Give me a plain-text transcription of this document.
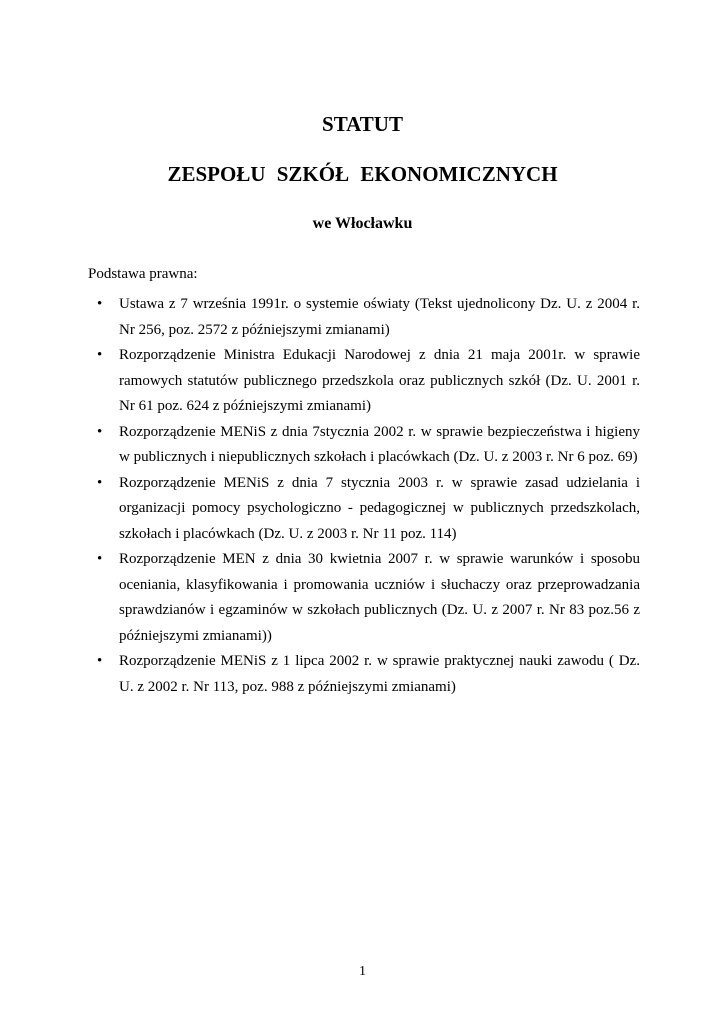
STATUT
ZESPOŁU SZKÓŁ EKONOMICZNYCH
we Włocławku

Podstawa prawna:

• Ustawa z 7 września 1991r. o systemie oświaty (Tekst ujednolicony Dz. U. z 2004 r. Nr 256, poz. 2572 z późniejszymi zmianami)
• Rozporządzenie Ministra Edukacji Narodowej z dnia 21 maja 2001r. w sprawie ramowych statutów publicznego przedszkola oraz publicznych szkół (Dz. U. 2001 r. Nr 61 poz. 624 z późniejszymi zmianami)
• Rozporządzenie MENiS z dnia 7stycznia 2002 r. w sprawie bezpieczeństwa i higieny w publicznych i niepublicznych szkołach i placówkach (Dz. U. z 2003 r. Nr 6 poz. 69)
• Rozporządzenie MENiS z dnia 7 stycznia 2003 r. w sprawie zasad udzielania i organizacji pomocy psychologiczno - pedagogicznej w publicznych przedszkolach, szkołach i placówkach (Dz. U. z 2003 r. Nr 11 poz. 114)
• Rozporządzenie MEN z dnia 30 kwietnia 2007 r. w sprawie warunków i sposobu oceniania, klasyfikowania i promowania uczniów i słuchaczy oraz przeprowadzania sprawdzianów i egzaminów w szkołach publicznych (Dz. U. z 2007 r. Nr 83 poz.56 z późniejszymi zmianami))
• Rozporządzenie MENiS z 1 lipca 2002 r. w sprawie praktycznej nauki zawodu ( Dz. U. z 2002 r. Nr 113, poz. 988 z późniejszymi zmianami)

1
